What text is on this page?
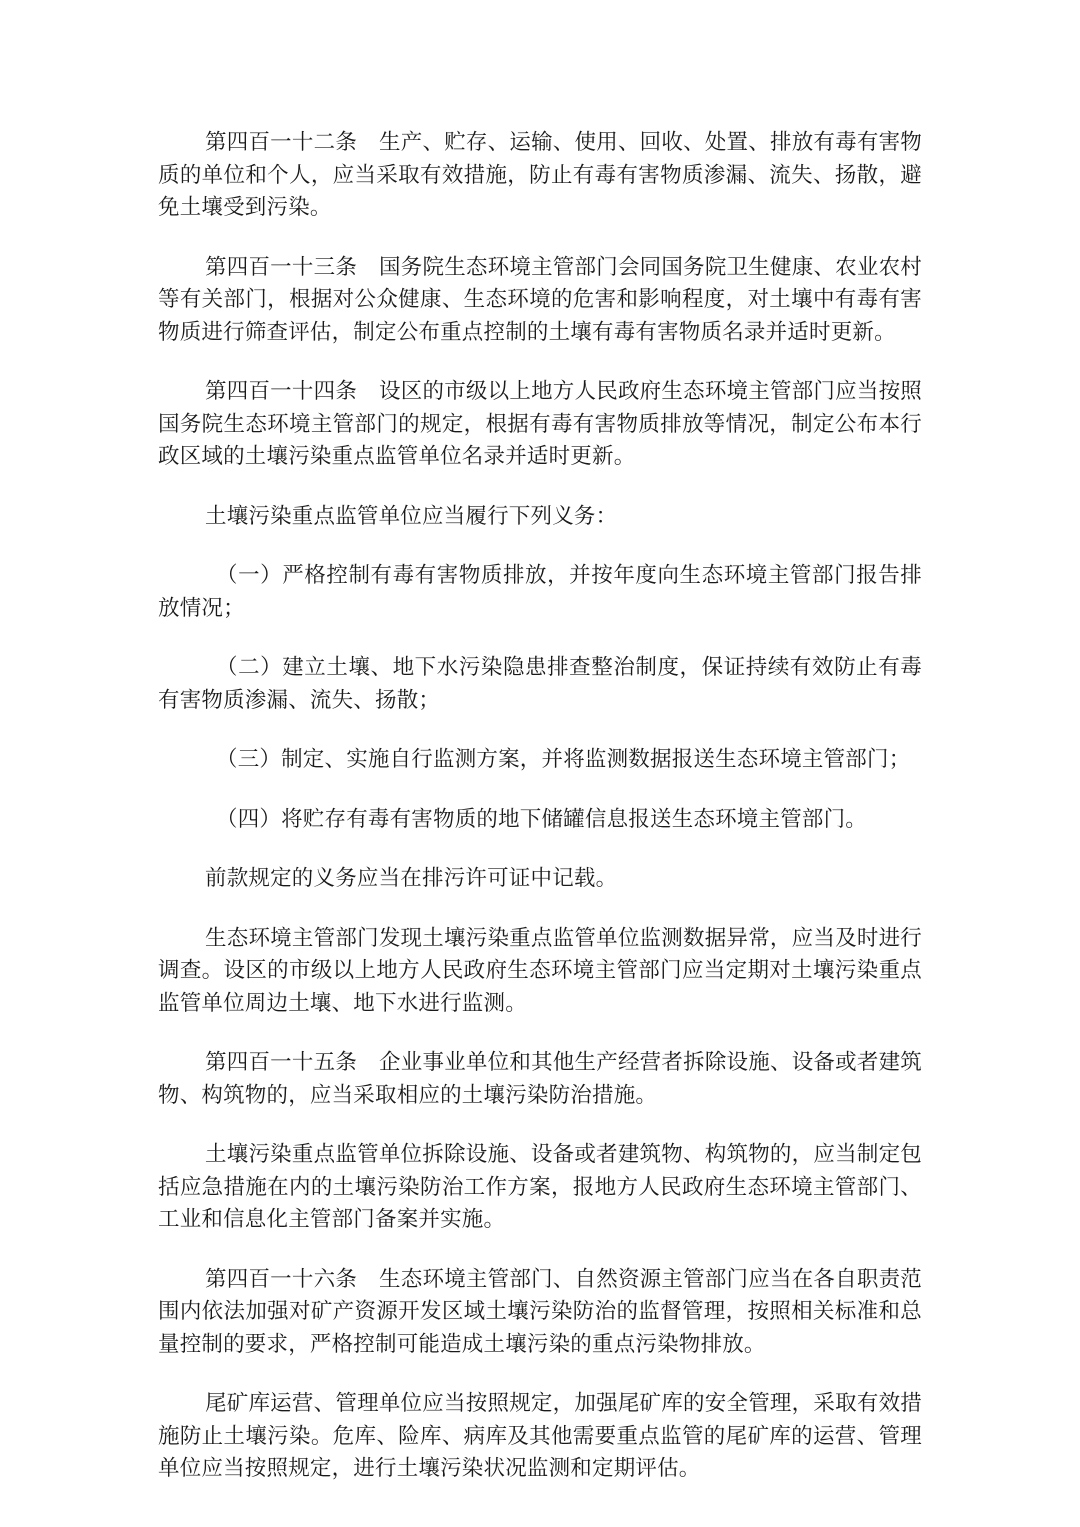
第四百一十二条 生产、贮存、运输、使用、回收、处置、排放有毒有害物质的单位和个人，应当采取有效措施，防止有毒有害物质渗漏、流失、扬散，避免土壤受到污染。

第四百一十三条 国务院生态环境主管部门会同国务院卫生健康、农业农村等有关部门，根据对公众健康、生态环境的危害和影响程度，对土壤中有毒有害物质进行筛查评估，制定公布重点控制的土壤有毒有害物质名录并适时更新。

第四百一十四条 设区的市级以上地方人民政府生态环境主管部门应当按照国务院生态环境主管部门的规定，根据有毒有害物质排放等情况，制定公布本行政区域的土壤污染重点监管单位名录并适时更新。

土壤污染重点监管单位应当履行下列义务：

（一）严格控制有毒有害物质排放，并按年度向生态环境主管部门报告排放情况；

（二）建立土壤、地下水污染隐患排查整治制度，保证持续有效防止有毒有害物质渗漏、流失、扬散；

（三）制定、实施自行监测方案，并将监测数据报送生态环境主管部门；

（四）将贮存有毒有害物质的地下储罐信息报送生态环境主管部门。

前款规定的义务应当在排污许可证中记载。

生态环境主管部门发现土壤污染重点监管单位监测数据异常，应当及时进行调查。设区的市级以上地方人民政府生态环境主管部门应当定期对土壤污染重点监管单位周边土壤、地下水进行监测。

第四百一十五条 企业事业单位和其他生产经营者拆除设施、设备或者建筑物、构筑物的，应当采取相应的土壤污染防治措施。

土壤污染重点监管单位拆除设施、设备或者建筑物、构筑物的，应当制定包括应急措施在内的土壤污染防治工作方案，报地方人民政府生态环境主管部门、工业和信息化主管部门备案并实施。

第四百一十六条 生态环境主管部门、自然资源主管部门应当在各自职责范围内依法加强对矿产资源开发区域土壤污染防治的监督管理，按照相关标准和总量控制的要求，严格控制可能造成土壤污染的重点污染物排放。

尾矿库运营、管理单位应当按照规定，加强尾矿库的安全管理，采取有效措施防止土壤污染。危库、险库、病库及其他需要重点监管的尾矿库的运营、管理单位应当按照规定，进行土壤污染状况监测和定期评估。
